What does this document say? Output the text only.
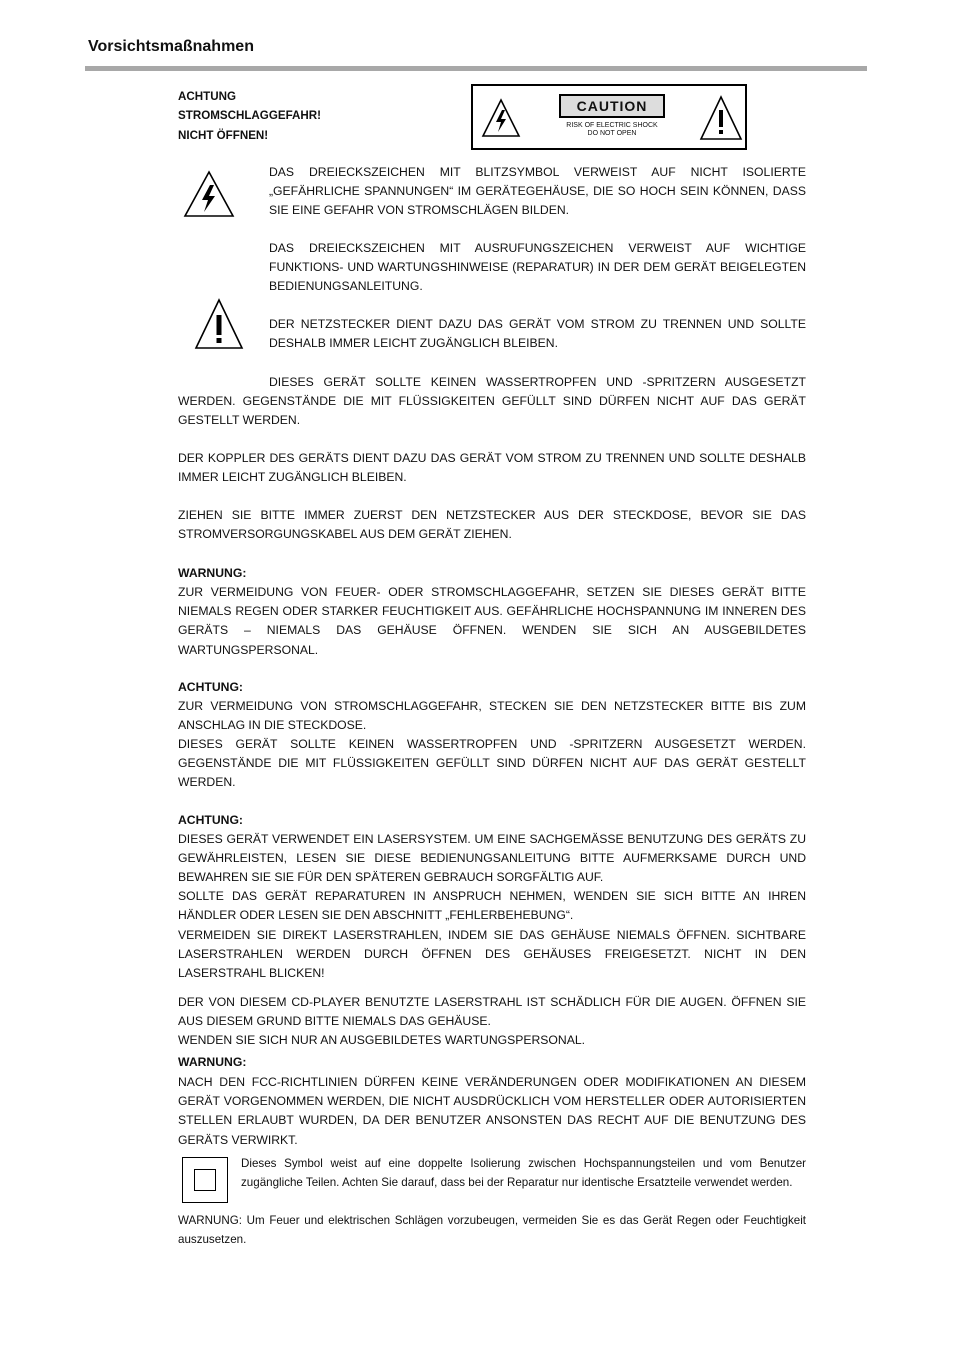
Vorsichtsmaßnahmen
ACHTUNG
STROMSCHLAGGEFAHR!
NICHT ÖFFNEN!
CAUTION
RISK OF ELECTRIC SHOCK
DO NOT OPEN

DAS DREIECKSZEICHEN MIT BLITZSYMBOL VERWEIST AUF NICHT ISOLIERTE „GEFÄHRLICHE SPANNUNGEN“ IM GERÄTEGEHÄUSE, DIE SO HOCH SEIN KÖNNEN, DASS SIE EINE GEFAHR VON STROMSCHLÄGEN BILDEN.

DAS DREIECKSZEICHEN MIT AUSRUFUNGSZEICHEN VERWEIST AUF WICHTIGE FUNKTIONS- UND WARTUNGSHINWEISE (REPARATUR) IN DER DEM GERÄT BEIGELEGTEN BEDIENUNGSANLEITUNG.

DER NETZSTECKER DIENT DAZU DAS GERÄT VOM STROM ZU TRENNEN UND SOLLTE DESHALB IMMER LEICHT ZUGÄNGLICH BLEIBEN.

DIESES GERÄT SOLLTE KEINEN WASSERTROPFEN UND -SPRITZERN AUSGESETZT WERDEN. GEGENSTÄNDE DIE MIT FLÜSSIGKEITEN GEFÜLLT SIND DÜRFEN NICHT AUF DAS GERÄT GESTELLT WERDEN.

DER KOPPLER DES GERÄTS DIENT DAZU DAS GERÄT VOM STROM ZU TRENNEN UND SOLLTE DESHALB IMMER LEICHT ZUGÄNGLICH BLEIBEN.

ZIEHEN SIE BITTE IMMER ZUERST DEN NETZSTECKER AUS DER STECKDOSE, BEVOR SIE DAS STROMVERSORGUNGSKABEL AUS DEM GERÄT ZIEHEN.

WARNUNG:

ZUR VERMEIDUNG VON FEUER- ODER STROMSCHLAGGEFAHR, SETZEN SIE DIESES GERÄT BITTE NIEMALS REGEN ODER STARKER FEUCHTIGKEIT AUS. GEFÄHRLICHE HOCHSPANNUNG IM INNEREN DES GERÄTS – NIEMALS DAS GEHÄUSE ÖFFNEN. WENDEN SIE SICH AN AUSGEBILDETES WARTUNGSPERSONAL.

ACHTUNG:

ZUR VERMEIDUNG VON STROMSCHLAGGEFAHR, STECKEN SIE DEN NETZSTECKER BITTE BIS ZUM ANSCHLAG IN DIE STECKDOSE.

DIESES GERÄT SOLLTE KEINEN WASSERTROPFEN UND -SPRITZERN AUSGESETZT WERDEN. GEGENSTÄNDE DIE MIT FLÜSSIGKEITEN GEFÜLLT SIND DÜRFEN NICHT AUF DAS GERÄT GESTELLT WERDEN.

ACHTUNG:

DIESES GERÄT VERWENDET EIN LASERSYSTEM. UM EINE SACHGEMÄSSE BENUTZUNG DES GERÄTS ZU GEWÄHRLEISTEN, LESEN SIE DIESE BEDIENUNGSANLEITUNG BITTE AUFMERKSAME DURCH UND BEWAHREN SIE SIE FÜR DEN SPÄTEREN GEBRAUCH SORGFÄLTIG AUF.

SOLLTE DAS GERÄT REPARATUREN IN ANSPRUCH NEHMEN, WENDEN SIE SICH BITTE AN IHREN HÄNDLER ODER LESEN SIE DEN ABSCHNITT „FEHLERBEHEBUNG“.

VERMEIDEN SIE DIREKT LASERSTRAHLEN, INDEM SIE DAS GEHÄUSE NIEMALS ÖFFNEN. SICHTBARE LASERSTRAHLEN WERDEN DURCH ÖFFNEN DES GEHÄUSES FREIGESETZT. NICHT IN DEN LASERSTRAHL BLICKEN!

DER VON DIESEM CD-PLAYER BENUTZTE LASERSTRAHL IST SCHÄDLICH FÜR DIE AUGEN. ÖFFNEN SIE AUS DIESEM GRUND BITTE NIEMALS DAS GEHÄUSE.

WENDEN SIE SICH NUR AN AUSGEBILDETES WARTUNGSPERSONAL.

WARNUNG:

NACH DEN FCC-RICHTLINIEN DÜRFEN KEINE VERÄNDERUNGEN ODER MODIFIKATIONEN AN DIESEM GERÄT VORGENOMMEN WERDEN, DIE NICHT AUSDRÜCKLICH VOM HERSTELLER ODER AUTORISIERTEN STELLEN ERLAUBT WURDEN, DA DER BENUTZER ANSONSTEN DAS RECHT AUF DIE BENUTZUNG DES GERÄTS VERWIRKT.

Dieses Symbol weist auf eine doppelte Isolierung zwischen Hochspannungsteilen und vom Benutzer zugängliche Teilen. Achten Sie darauf, dass bei der Reparatur nur identische Ersatzteile verwendet werden.

WARNUNG: Um Feuer und elektrischen Schlägen vorzubeugen, vermeiden Sie es das Gerät Regen oder Feuchtigkeit auszusetzen.
